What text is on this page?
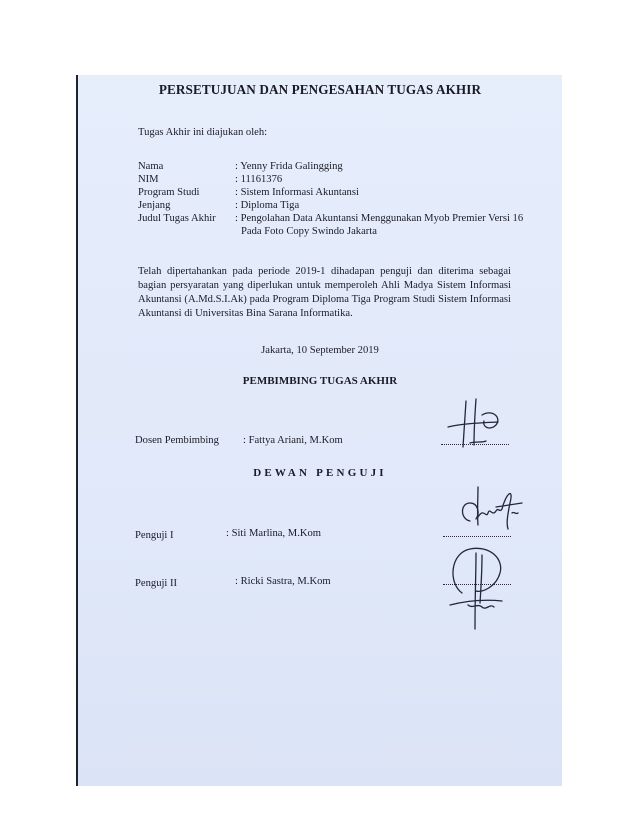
PERSETUJUAN DAN PENGESAHAN TUGAS AKHIR
Tugas Akhir ini diajukan oleh:
Nama	: Yenny Frida Galingging
NIM	: 11161376
Program Studi	: Sistem Informasi Akuntansi
Jenjang	: Diploma Tiga
Judul Tugas Akhir : Pengolahan Data Akuntansi Menggunakan Myob Premier Versi 16
Pada Foto Copy Swindo Jakarta
Telah dipertahankan pada periode 2019-1 dihadapan penguji dan diterima sebagai bagian persyaratan yang diperlukan untuk memperoleh Ahli Madya Sistem Informasi Akuntansi (A.Md.S.I.Ak) pada Program Diploma Tiga Program Studi Sistem Informasi Akuntansi di Universitas Bina Sarana Informatika.
Jakarta, 10 September 2019
PEMBIMBING TUGAS AKHIR
Dosen Pembimbing : Fattya Ariani, M.Kom
DEWAN PENGUJI
Penguji I	: Siti Marlina, M.Kom
Penguji II	: Ricki Sastra, M.Kom
